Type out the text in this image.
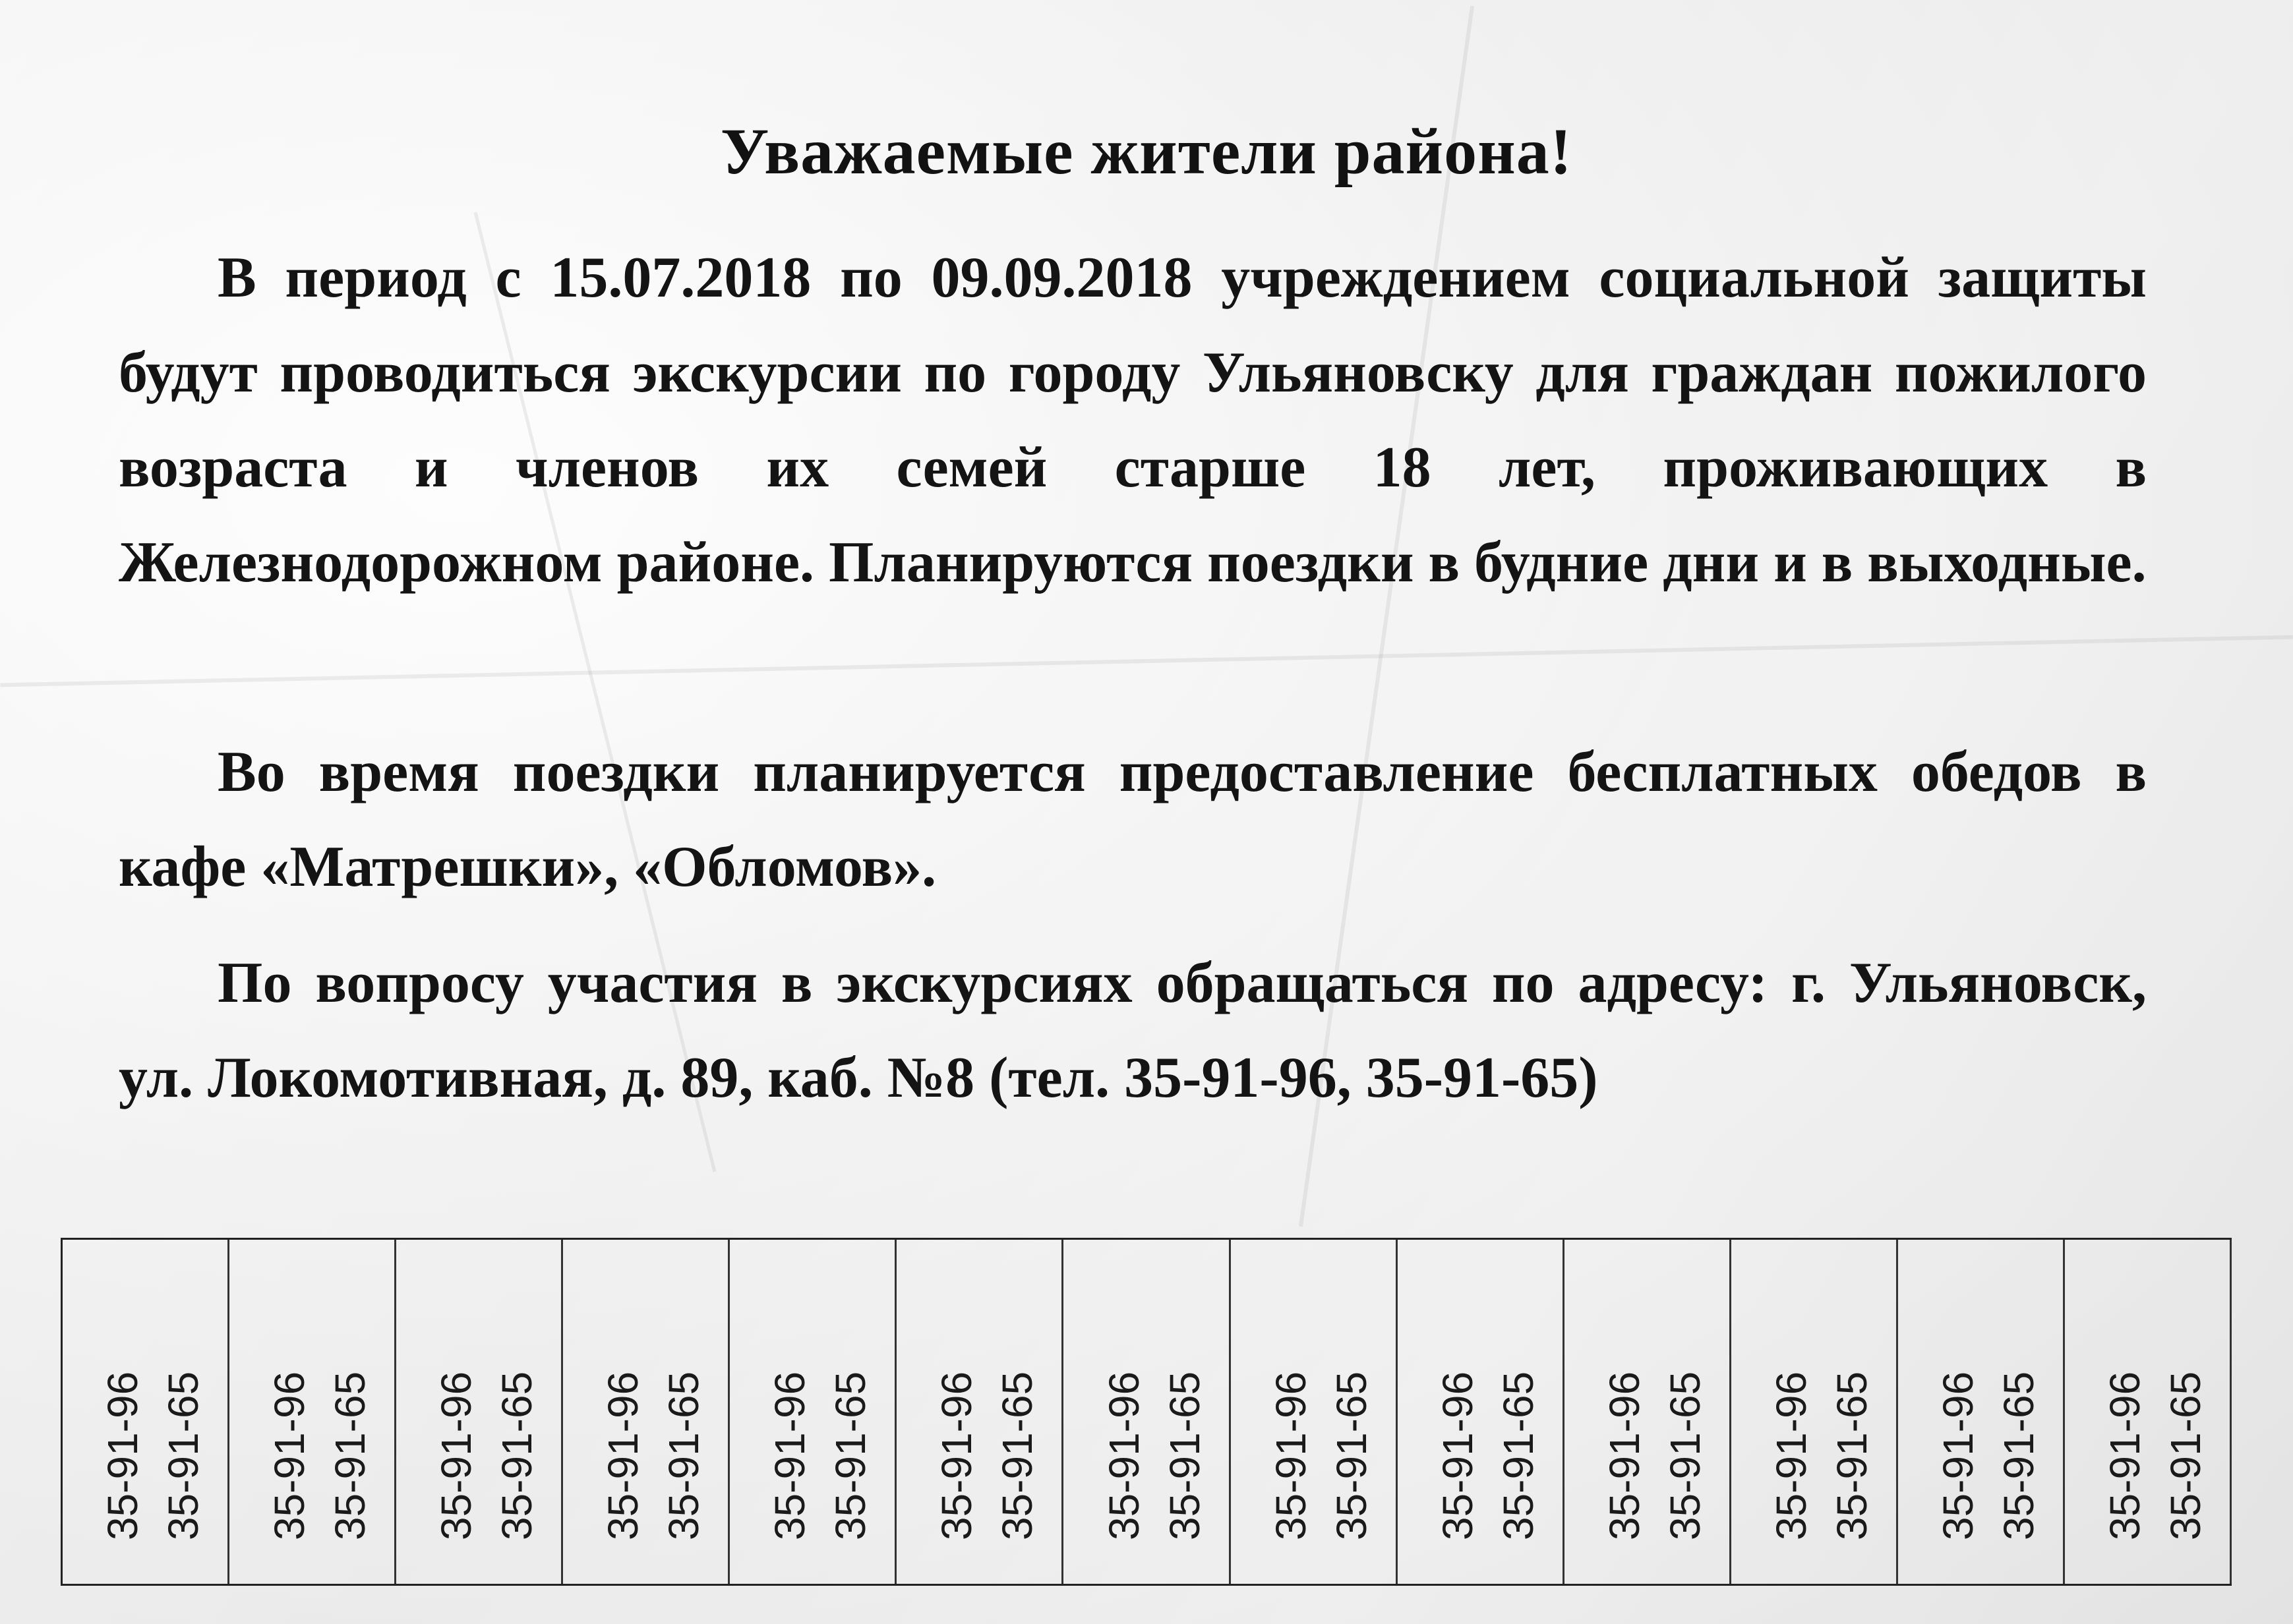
Уважаемые жители района!
В период с 15.07.2018 по 09.09.2018 учреждением социальной защиты будут проводиться экскурсии по городу Ульяновску для граждан пожилого возраста и членов их семей старше 18 лет, проживающих в Железнодорожном районе. Планируются поездки в будние дни и в выходные.
Во время поездки планируется предоставление бесплатных обедов в кафе «Матрешки», «Обломов».
По вопросу участия в экскурсиях обращаться по адресу: г. Ульяновск, ул. Локомотивная, д. 89, каб. №8 (тел. 35-91-96, 35-91-65)
35-91-96 35-91-65 35-91-96 35-91-65 35-91-96 35-91-65 35-91-96 35-91-65 35-91-96 35-91-65 35-91-96 35-91-65 35-91-96 35-91-65 35-91-96 35-91-65 35-91-96 35-91-65 35-91-96 35-91-65 35-91-96 35-91-65 35-91-96 35-91-65 35-91-96 35-91-65
